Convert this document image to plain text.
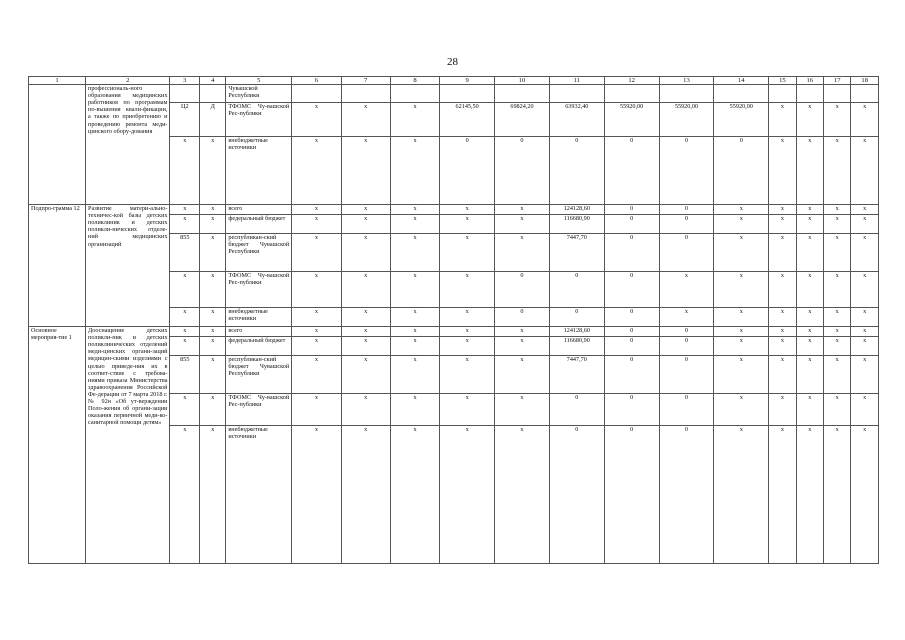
28
1	2	3	4	5	6	7	8	9	10	11	12	13	14	15	16	17	18
	профессиональ-ного образования медицинских работников по программам по-вышения квали-фикации, а также по приобретению и проведению ремонта меди-цинского обору-дования			Чувашской Республики													
		Ц2	Д	ТФОМС Чу-вашской Рес-публики	х	х	х	62145,50	69824,20	63932,40	55920,00	55920,00	55920,00	х	х	х	х
		х	х	внебюджетные источники	х	х	х	0	0	0	0	0	0	х	х	х	х
Подпро-грамма 12	Развитие матери-ально-техничес-кой базы детских поликлиник и детских поликли-нических отделе-ний медицинских организаций	х	х	всего	х	х	х	х	х	124128,60	0	0	х	х	х	х	х
		х	х	федеральный бюджет	х	х	х	х	х	116680,90	0	0	х	х	х	х	х
		855	х	республикан-ский бюджет Чувашской Республики	х	х	х	х	х	7447,70	0	0	х	х	х	х	х
		х	х	ТФОМС Чу-вашской Рес-публики	х	х	х	х	0	0	0	х	х	х	х	х	х
		х	х	внебюджетные источники	х	х	х	х	0	0	0	х	х	х	х	х	х
Основное мероприя-тие 1	Дооснащение детских поликли-ник и детских поликлинических отделений меди-цинских органи-заций медицин-скими изделиями с целью приведе-ния их в соответ-ствие с требова-ниями приказа Министерства здравоохранения Российской Фе-дерации от 7 марта 2018 г. № 92н «Об ут-верждении Поло-жения об органи-зации оказания первичной меди-ко-санитарной помощи детям»	х	х	всего	х	х	х	х	х	124128,60	0	0	х	х	х	х	х
		х	х	федеральный бюджет	х	х	х	х	х	116680,90	0	0	х	х	х	х	х
		855	х	республикан-ский бюджет Чувашской Республики	х	х	х	х	х	7447,70	0	0	х	х	х	х	х
		х	х	ТФОМС Чу-вашской Рес-публики	х	х	х	х	х	0	0	0	х	х	х	х	х
		х	х	внебюджетные источники	х	х	х	х	х	0	0	0	х	х	х	х	х
